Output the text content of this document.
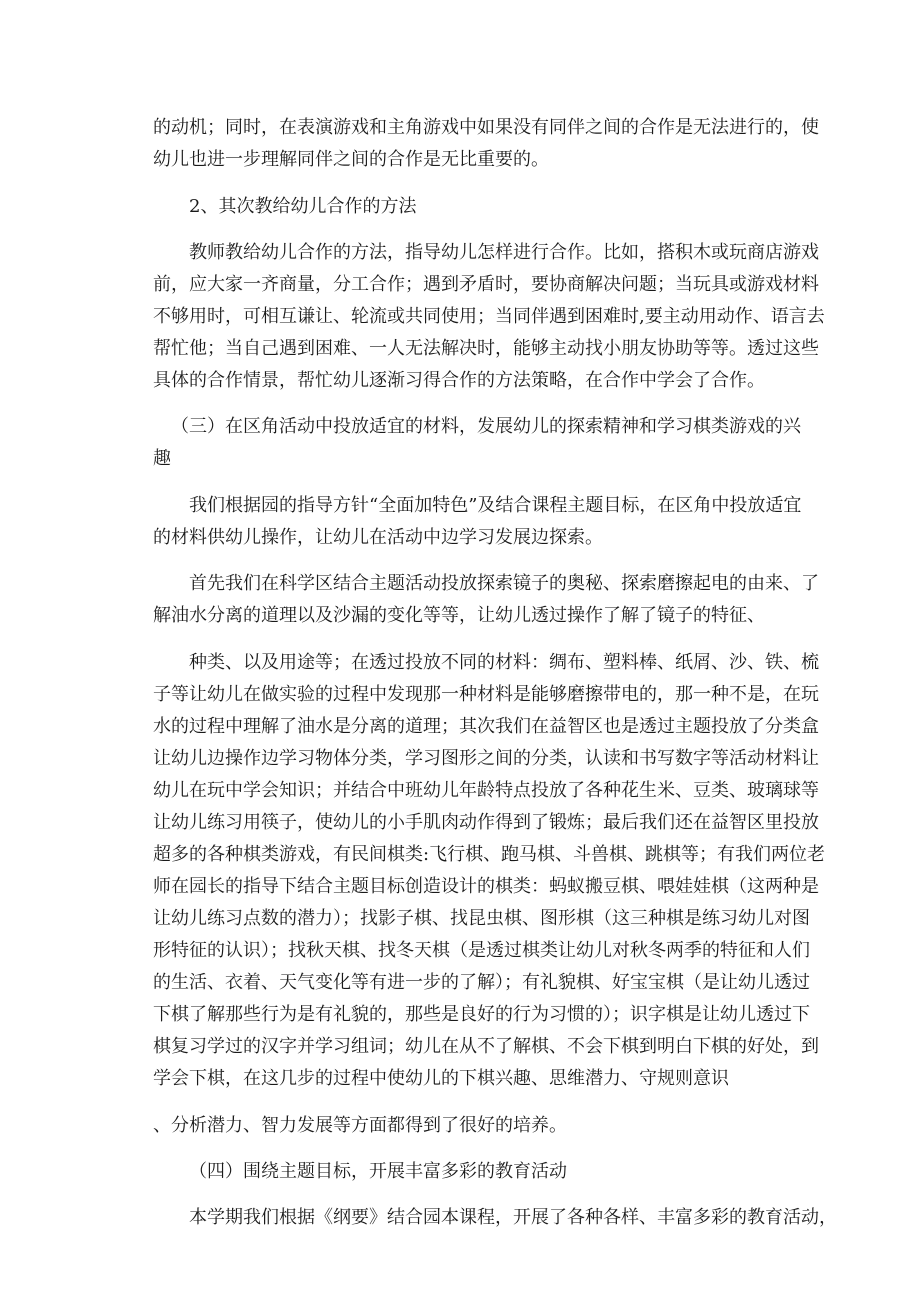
的动机；同时，在表演游戏和主角游戏中如果没有同伴之间的合作是无法进行的，使
幼儿也进一步理解同伴之间的合作是无比重要的。
2、其次教给幼儿合作的方法
教师教给幼儿合作的方法，指导幼儿怎样进行合作。比如，搭积木或玩商店游戏
前，应大家一齐商量，分工合作；遇到矛盾时，要协商解决问题；当玩具或游戏材料
不够用时，可相互谦让、轮流或共同使用；当同伴遇到困难时,要主动用动作、语言去
帮忙他；当自己遇到困难、一人无法解决时，能够主动找小朋友协助等等。透过这些
具体的合作情景，帮忙幼儿逐渐习得合作的方法策略，在合作中学会了合作。
（三）在区角活动中投放适宜的材料，发展幼儿的探索精神和学习棋类游戏的兴
趣
我们根据园的指导方针“全面加特色”及结合课程主题目标，在区角中投放适宜
的材料供幼儿操作，让幼儿在活动中边学习发展边探索。
首先我们在科学区结合主题活动投放探索镜子的奥秘、探索磨擦起电的由来、了
解油水分离的道理以及沙漏的变化等等，让幼儿透过操作了解了镜子的特征、
种类、以及用途等；在透过投放不同的材料：绸布、塑料棒、纸屑、沙、铁、梳
子等让幼儿在做实验的过程中发现那一种材料是能够磨擦带电的，那一种不是，在玩
水的过程中理解了油水是分离的道理；其次我们在益智区也是透过主题投放了分类盒
让幼儿边操作边学习物体分类，学习图形之间的分类，认读和书写数字等活动材料让
幼儿在玩中学会知识；并结合中班幼儿年龄特点投放了各种花生米、豆类、玻璃球等
让幼儿练习用筷子，使幼儿的小手肌肉动作得到了锻炼；最后我们还在益智区里投放
超多的各种棋类游戏，有民间棋类:飞行棋、跑马棋、斗兽棋、跳棋等；有我们两位老
师在园长的指导下结合主题目标创造设计的棋类：蚂蚁搬豆棋、喂娃娃棋（这两种是
让幼儿练习点数的潜力）；找影子棋、找昆虫棋、图形棋（这三种棋是练习幼儿对图
形特征的认识）；找秋天棋、找冬天棋（是透过棋类让幼儿对秋冬两季的特征和人们
的生活、衣着、天气变化等有进一步的了解）；有礼貌棋、好宝宝棋（是让幼儿透过
下棋了解那些行为是有礼貌的，那些是良好的行为习惯的）；识字棋是让幼儿透过下
棋复习学过的汉字并学习组词；幼儿在从不了解棋、不会下棋到明白下棋的好处，到
学会下棋，在这几步的过程中使幼儿的下棋兴趣、思维潜力、守规则意识
、分析潜力、智力发展等方面都得到了很好的培养。
（四）围绕主题目标，开展丰富多彩的教育活动
本学期我们根据《纲要》结合园本课程，开展了各种各样、丰富多彩的教育活动，
